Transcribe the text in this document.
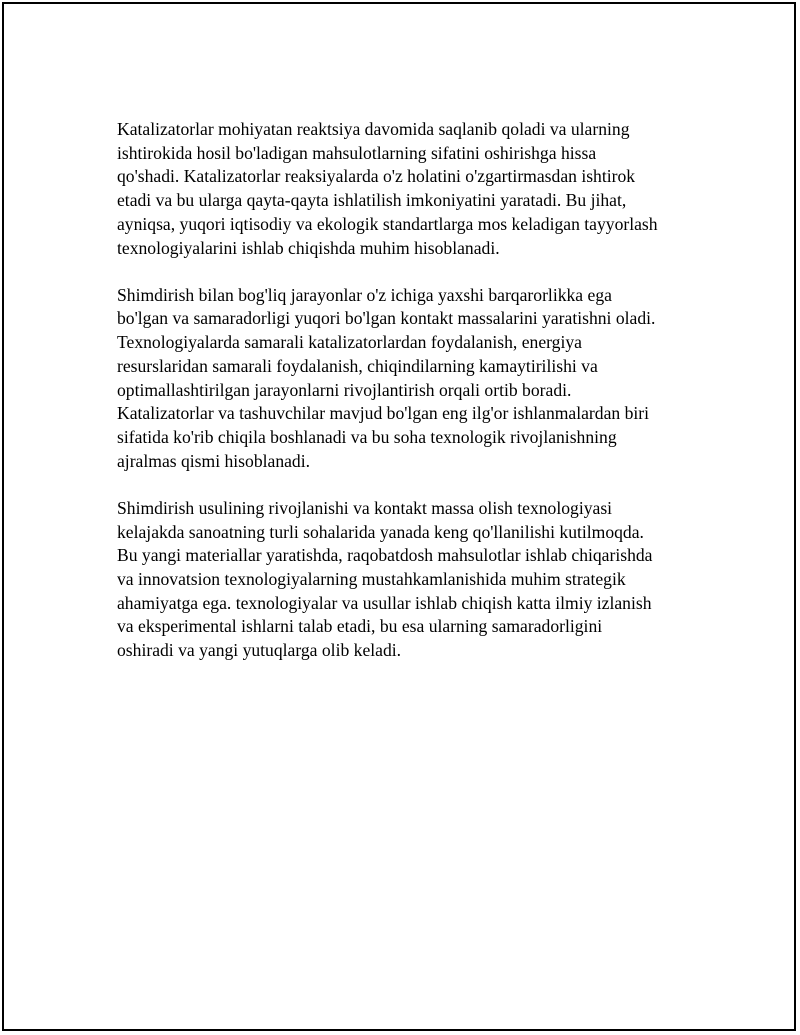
Katalizatorlar mohiyatan reaktsiya davomida saqlanib qoladi va ularning
ishtirokida hosil bo'ladigan mahsulotlarning sifatini oshirishga hissa
qo'shadi. Katalizatorlar reaksiyalarda o'z holatini o'zgartirmasdan ishtirok
etadi va bu ularga qayta-qayta ishlatilish imkoniyatini yaratadi. Bu jihat,
ayniqsa, yuqori iqtisodiy va ekologik standartlarga mos keladigan tayyorlash
texnologiyalarini ishlab chiqishda muhim hisoblanadi.

Shimdirish bilan bog'liq jarayonlar o'z ichiga yaxshi barqarorlikka ega
bo'lgan va samaradorligi yuqori bo'lgan kontakt massalarini yaratishni oladi.
Texnologiyalarda samarali katalizatorlardan foydalanish, energiya
resurslaridan samarali foydalanish, chiqindilarning kamaytirilishi va
optimallashtirilgan jarayonlarni rivojlantirish orqali ortib boradi.
Katalizatorlar va tashuvchilar mavjud bo'lgan eng ilg'or ishlanmalardan biri
sifatida ko'rib chiqila boshlanadi va bu soha texnologik rivojlanishning
ajralmas qismi hisoblanadi.

Shimdirish usulining rivojlanishi va kontakt massa olish texnologiyasi
kelajakda sanoatning turli sohalarida yanada keng qo'llanilishi kutilmoqda.
Bu yangi materiallar yaratishda, raqobatdosh mahsulotlar ishlab chiqarishda
va innovatsion texnologiyalarning mustahkamlanishida muhim strategik
ahamiyatga ega. texnologiyalar va usullar ishlab chiqish katta ilmiy izlanish
va eksperimental ishlarni talab etadi, bu esa ularning samaradorligini
oshiradi va yangi yutuqlarga olib keladi.
